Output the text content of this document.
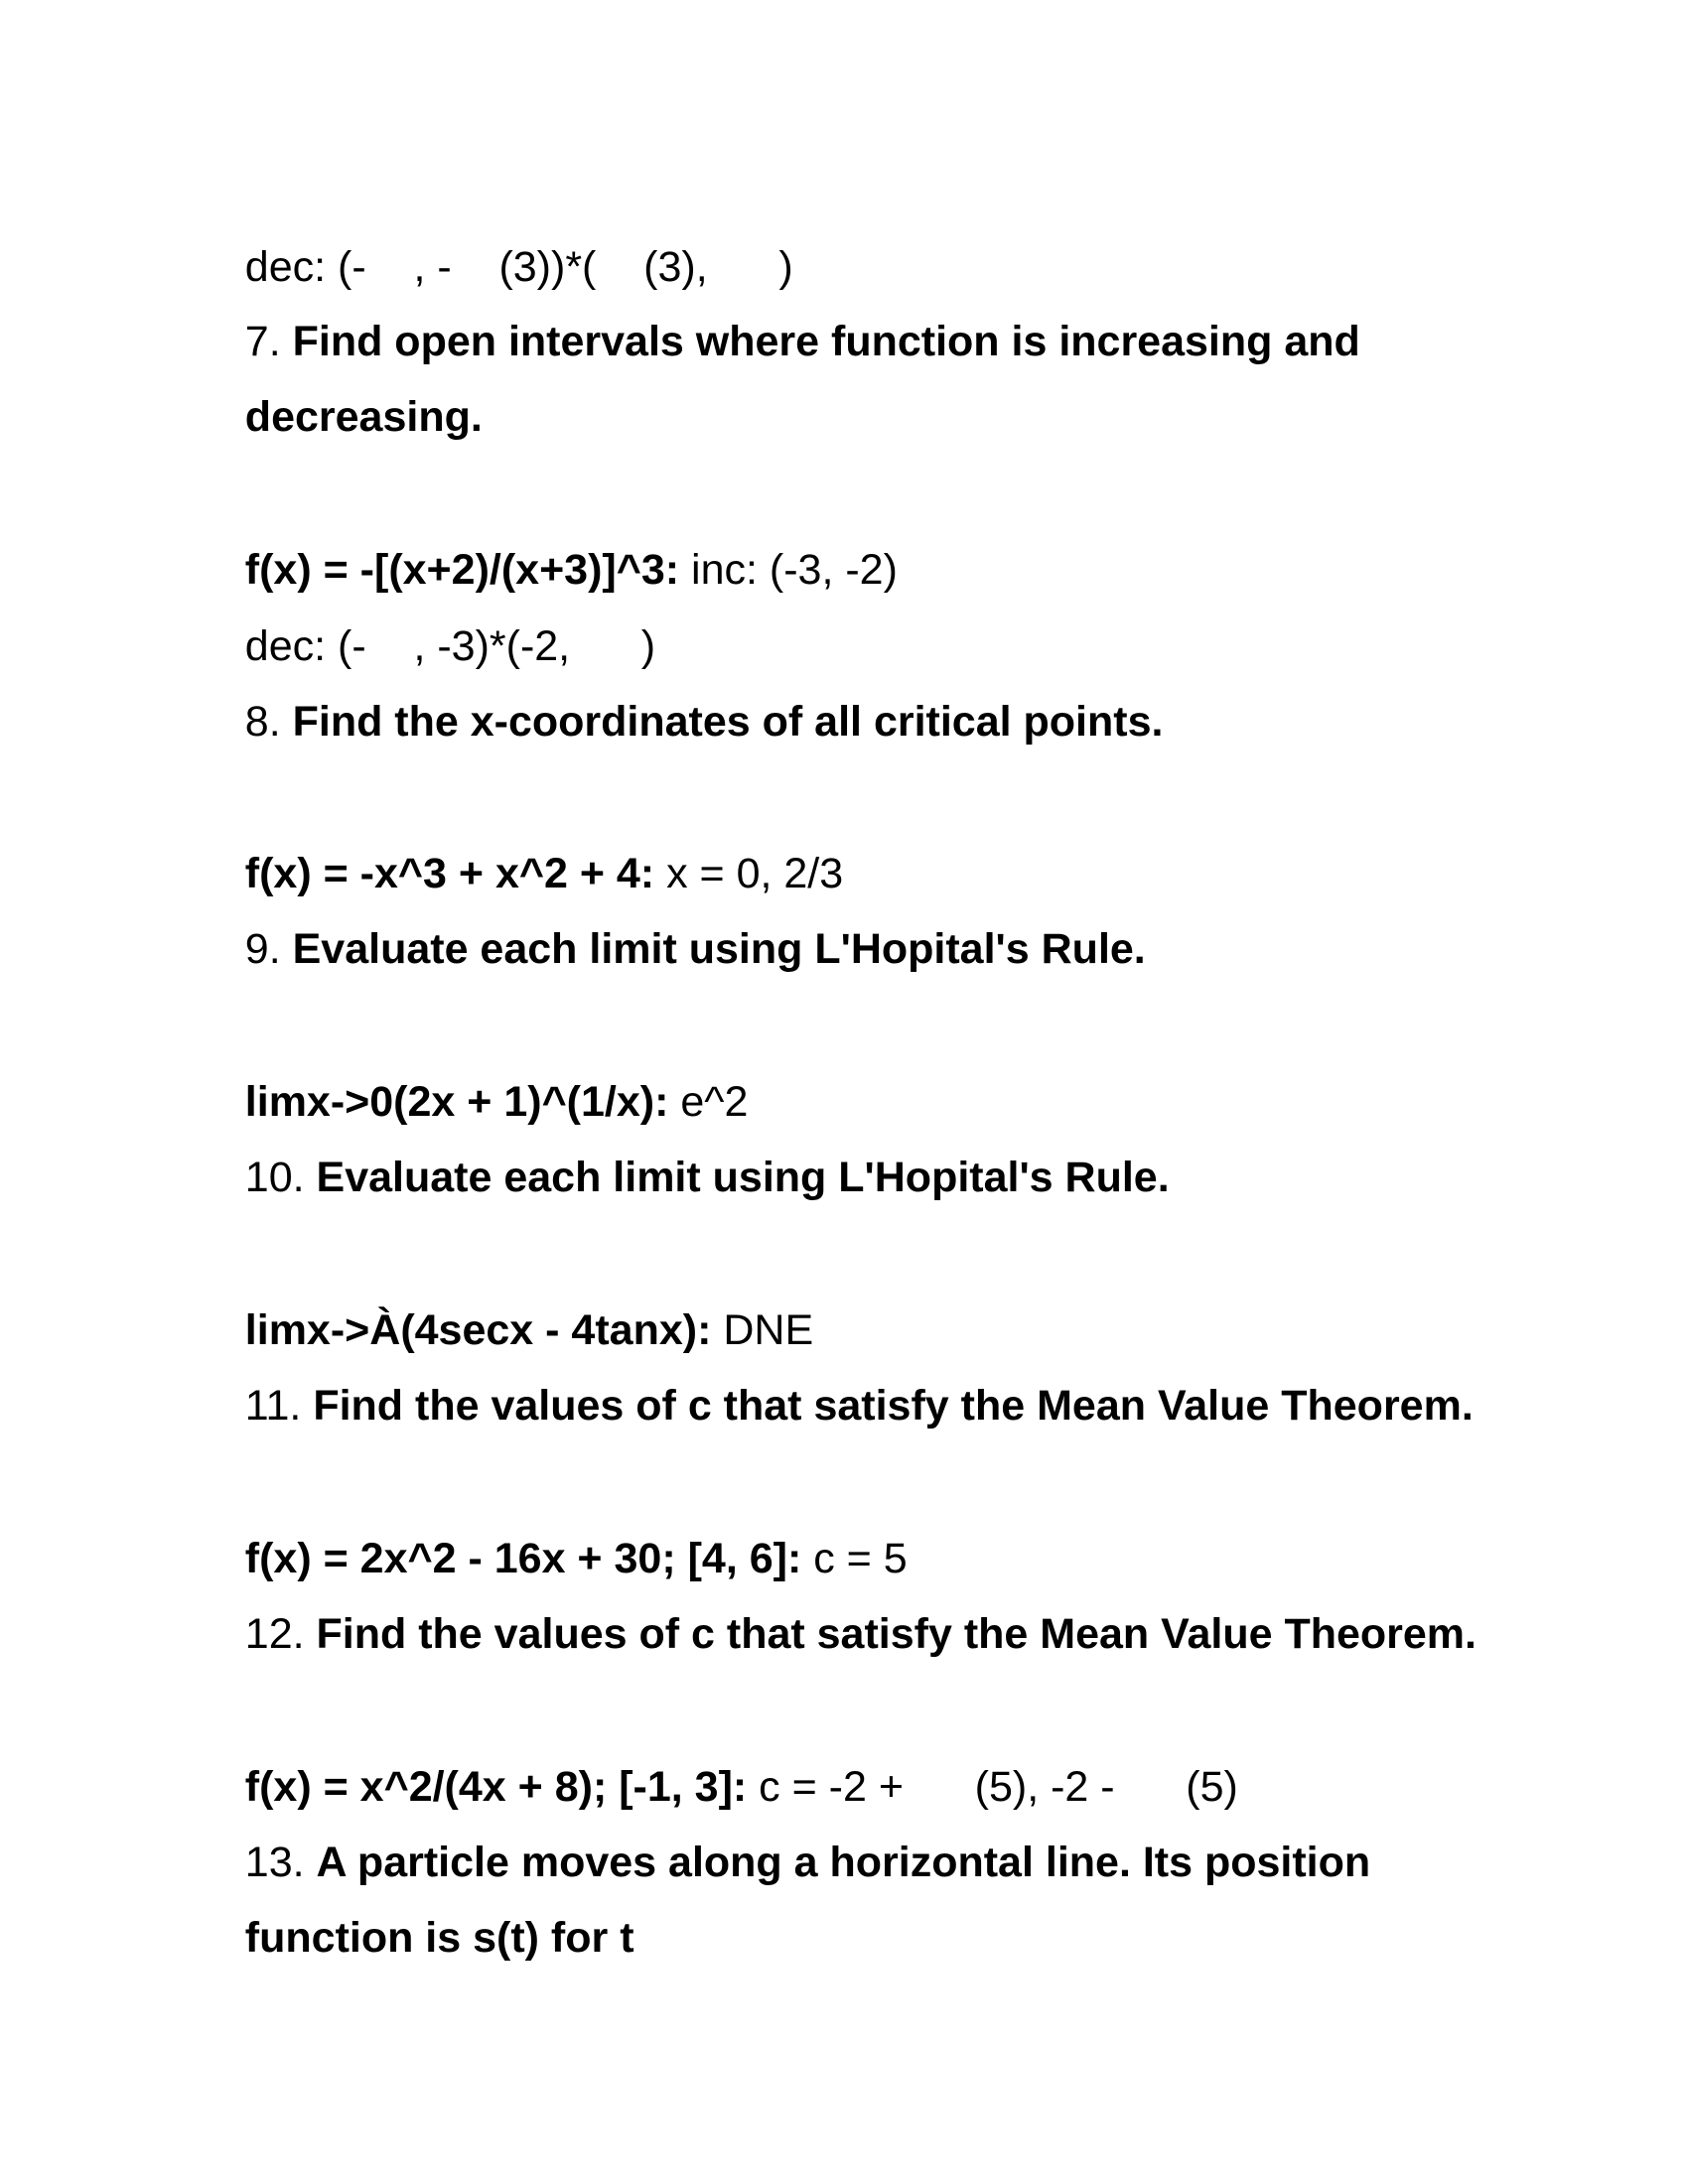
dec: (-    , -    (3))*(    (3),      )

7. Find open intervals where function is increasing and

decreasing.

f(x) = -[(x+2)/(x+3)]^3: inc: (-3, -2)

dec: (-    , -3)*(-2,      )

8. Find the x-coordinates of all critical points.

f(x) = -x^3 + x^2 + 4: x = 0, 2/3

9. Evaluate each limit using L'Hopital's Rule.

limx->0(2x + 1)^(1/x): e^2

10. Evaluate each limit using L'Hopital's Rule.

limx->À(4secx - 4tanx): DNE

11. Find the values of c that satisfy the Mean Value Theorem.

f(x) = 2x^2 - 16x + 30; [4, 6]: c = 5

12. Find the values of c that satisfy the Mean Value Theorem.

f(x) = x^2/(4x + 8); [-1, 3]: c = -2 +      (5), -2 -      (5)

13. A particle moves along a horizontal line. Its position

function is s(t) for t
